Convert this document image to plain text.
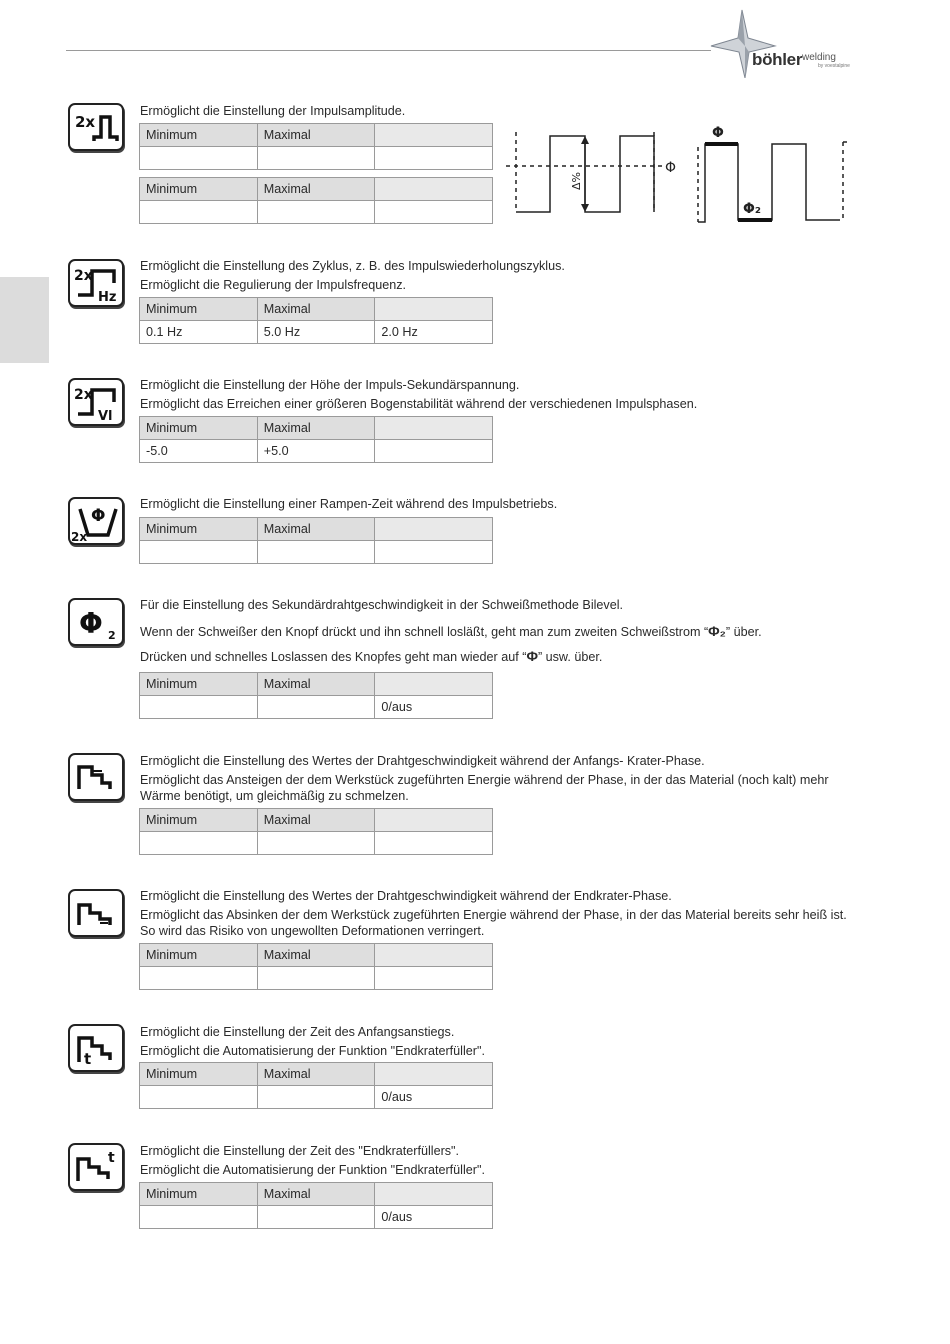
böhler welding
by voestalpine
2x

Ermöglicht die Einstellung der Impulsamplitude.

Minimum	Maximal	

Minimum	Maximal	
			Δ%
Φ
Φ
Φ₂
2x
Hz

Ermöglicht die Einstellung des Zyklus, z. B. des Impulswiederholungszyklus.

Ermöglicht die Regulierung der Impulsfrequenz.

Minimum	Maximal	
0.1 Hz	5.0 Hz	2.0 Hz
2x
Vl

Ermöglicht die Einstellung der Höhe der Impuls-Sekundärspannung.

Ermöglicht das Erreichen einer größeren Bogenstabilität während der verschiedenen Impulsphasen.

Minimum	Maximal	
-5.0	+5.0	
Φ
2x

Ermöglicht die Einstellung einer Rampen-Zeit während des Impulsbetriebs.

Minimum	Maximal	

Φ 2

Für die Einstellung des Sekundärdrahtgeschwindigkeit in der Schweißmethode Bilevel.

Wenn der Schweißer den Knopf drückt und ihn schnell losläßt, geht man zum zweiten Schweißstrom “Φ₂” über.

Drücken und schnelles Loslassen des Knopfes geht man wieder auf “Φ” usw. über.

Minimum	Maximal	
		0/aus

Ermöglicht die Einstellung des Wertes der Drahtgeschwindigkeit während der Anfangs- Krater-Phase.

Ermöglicht das Ansteigen der dem Werkstück zugeführten Energie während der Phase, in der das Material (noch kalt) mehr Wärme benötigt, um gleichmäßig zu schmelzen.

Minimum	Maximal	

Ermöglicht die Einstellung des Wertes der Drahtgeschwindigkeit während der Endkrater-Phase.

Ermöglicht das Absinken der dem Werkstück zugeführten Energie während der Phase, in der das Material bereits sehr heiß ist. So wird das Risiko von ungewollten Deformationen verringert.

Minimum	Maximal	

t

Ermöglicht die Einstellung der Zeit des Anfangsanstiegs.

Ermöglicht die Automatisierung der Funktion "Endkraterfüller".

Minimum	Maximal	
		0/aus
t Ermöglicht die Einstellung der Zeit des "Endkraterfüllers".

Ermöglicht die Automatisierung der Funktion "Endkraterfüller".

Minimum	Maximal	
		0/aus
